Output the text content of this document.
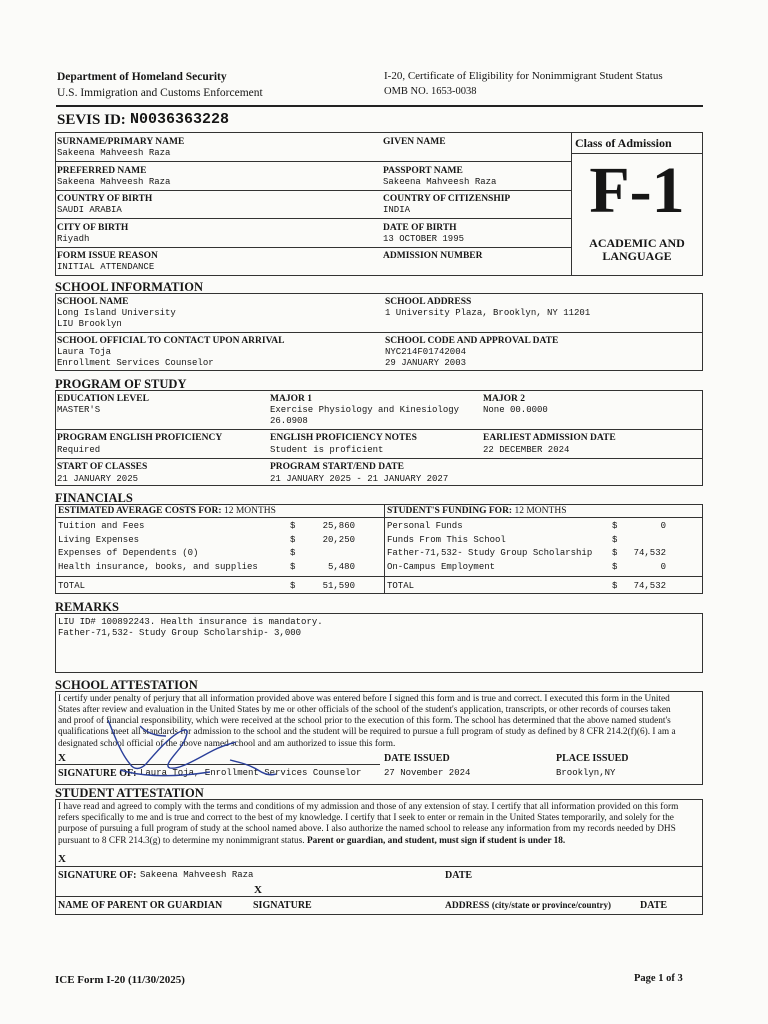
Department of Homeland Security
U.S. Immigration and Customs Enforcement
I-20, Certificate of Eligibility for Nonimmigrant Student Status
OMB NO. 1653-0038
SEVIS ID: N0036363228
SURNAME/PRIMARY NAME
Sakeena Mahveesh Raza
GIVEN NAME
PREFERRED NAME
Sakeena Mahveesh Raza
PASSPORT NAME
Sakeena Mahveesh Raza
COUNTRY OF BIRTH
SAUDI ARABIA
COUNTRY OF CITIZENSHIP
INDIA
CITY OF BIRTH
Riyadh
DATE OF BIRTH
13 OCTOBER 1995
FORM ISSUE REASON
INITIAL ATTENDANCE
ADMISSION NUMBER
Class of Admission
F-1
ACADEMIC AND
LANGUAGE
SCHOOL INFORMATION
SCHOOL NAME
Long Island University
LIU Brooklyn
SCHOOL ADDRESS
1 University Plaza, Brooklyn, NY 11201
SCHOOL OFFICIAL TO CONTACT UPON ARRIVAL
Laura Toja
Enrollment Services Counselor
SCHOOL CODE AND APPROVAL DATE
NYC214F01742004
29 JANUARY 2003
PROGRAM OF STUDY
EDUCATION LEVEL
MASTER'S
MAJOR 1
Exercise Physiology and Kinesiology
26.0908
MAJOR 2
None 00.0000
PROGRAM ENGLISH PROFICIENCY
Required
ENGLISH PROFICIENCY NOTES
Student is proficient
EARLIEST ADMISSION DATE
22 DECEMBER 2024
START OF CLASSES
21 JANUARY 2025
PROGRAM START/END DATE
21 JANUARY 2025 - 21 JANUARY 2027
FINANCIALS
ESTIMATED AVERAGE COSTS FOR: 12 MONTHS	STUDENT'S FUNDING FOR: 12 MONTHS
Tuition and Fees	$	25,860
Living Expenses	$	20,250
Expenses of Dependents (0)	$
Health insurance, books, and supplies	$	5,480
Personal Funds	$	0
Funds From This School	$
Father-71,532- Study Group Scholarship $	74,532
On-Campus Employment	$	0
TOTAL	$	51,590	TOTAL	$	74,532
REMARKS
LIU ID# 100892243. Health insurance is mandatory.
Father-71,532- Study Group Scholarship- 3,000
SCHOOL ATTESTATION
I certify under penalty of perjury that all information provided above was entered before I signed this form and is true and correct. I executed this form in the United
States after review and evaluation in the United States by me or other officials of the school of the student's application, transcripts, or other records of courses taken
and proof of financial responsibility, which were received at the school prior to the execution of this form. The school has determined that the above named student's
qualifications meet all standards for admission to the school and the student will be required to pursue a full program of study as defined by 8 CFR 214.2(f)(6). I am a
designated school official of the above named school and am authorized to issue this form.
X
SIGNATURE OF: Laura Toja, Enrollment Services Counselor
DATE ISSUED
27 November 2024
PLACE ISSUED
Brooklyn,NY
STUDENT ATTESTATION
I have read and agreed to comply with the terms and conditions of my admission and those of any extension of stay. I certify that all information provided on this form
refers specifically to me and is true and correct to the best of my knowledge. I certify that I seek to enter or remain in the United States temporarily, and solely for the
purpose of pursuing a full program of study at the school named above. I also authorize the named school to release any information from my records needed by DHS
pursuant to 8 CFR 214.3(g) to determine my nonimmigrant status. Parent or guardian, and student, must sign if student is under 18.
X
SIGNATURE OF: Sakeena Mahveesh Raza	DATE
X
NAME OF PARENT OR GUARDIAN	SIGNATURE	ADDRESS (city/state or province/country)	DATE
ICE Form I-20 (11/30/2025)	Page 1 of 3
